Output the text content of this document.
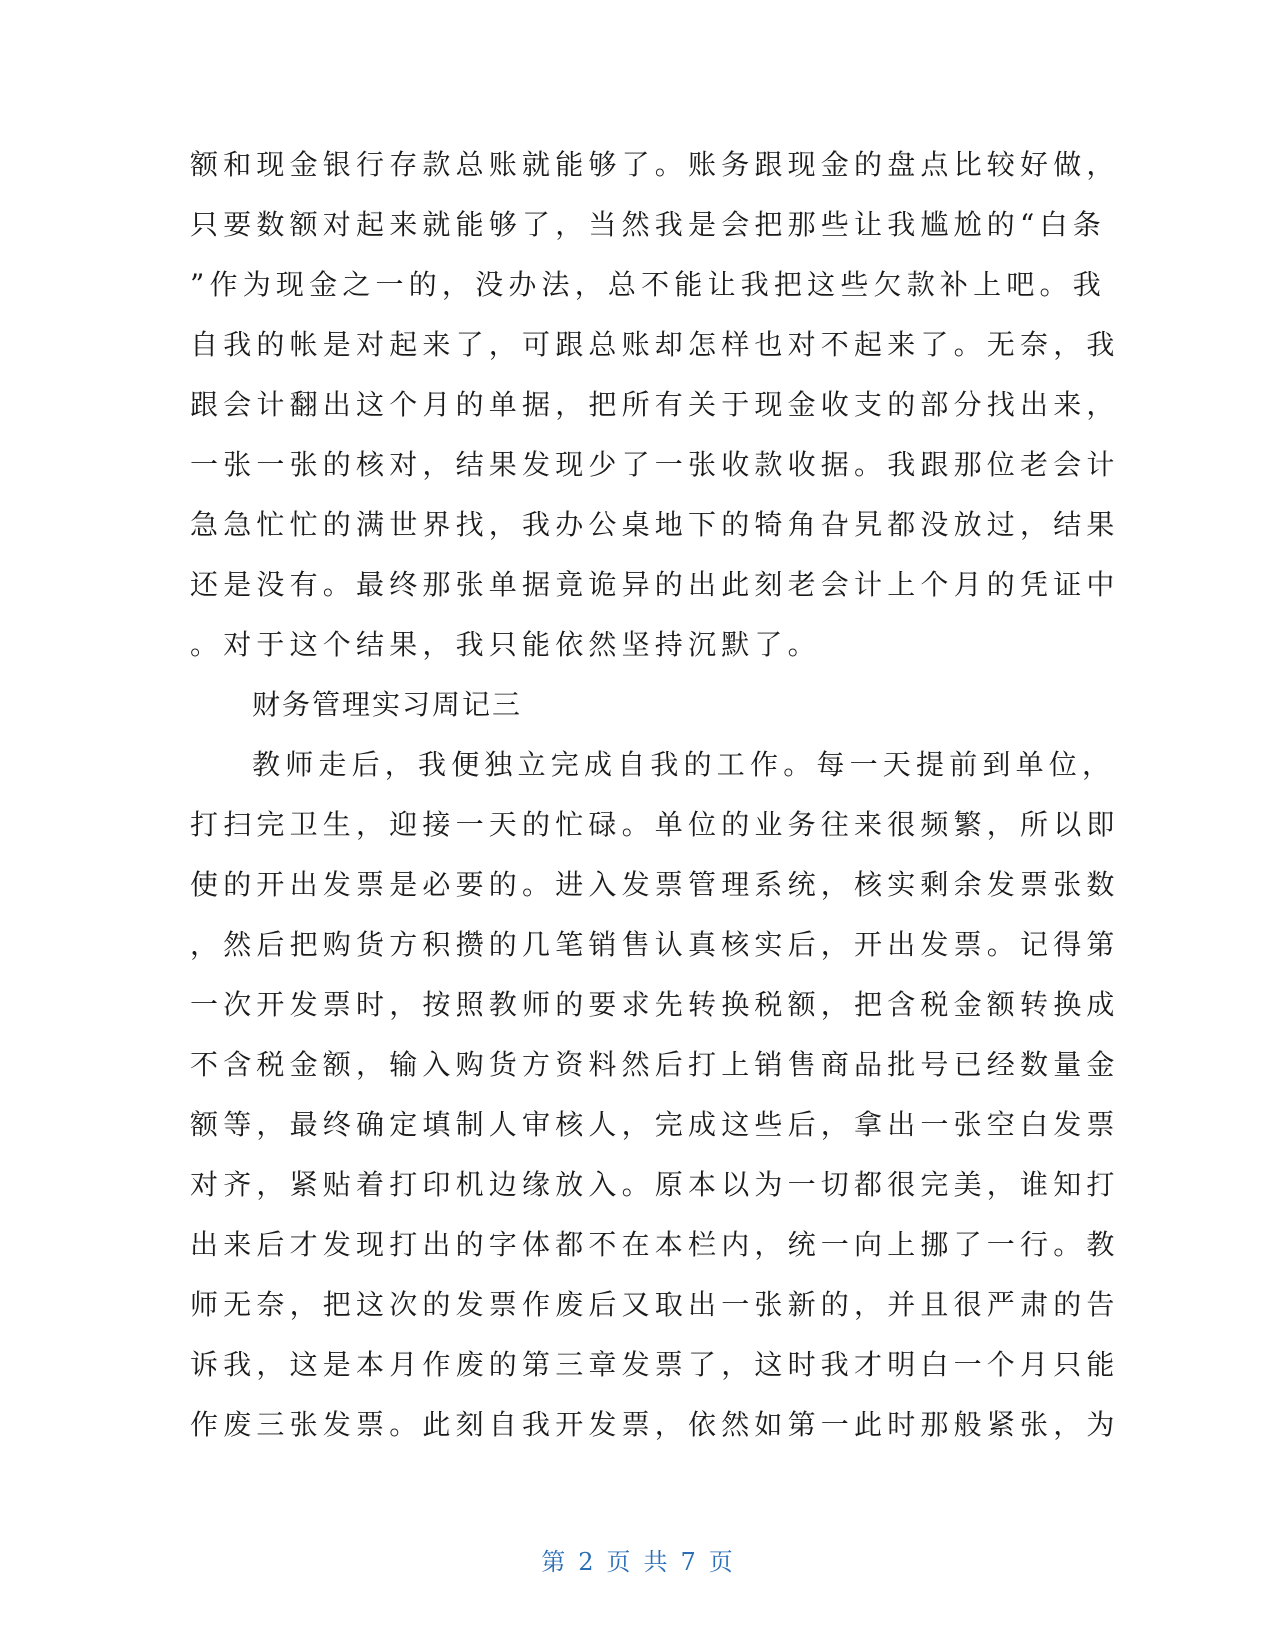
额和现金银行存款总账就能够了。账务跟现金的盘点比较好做，
只要数额对起来就能够了，当然我是会把那些让我尴尬的“白条
”作为现金之一的，没办法，总不能让我把这些欠款补上吧。我
自我的帐是对起来了，可跟总账却怎样也对不起来了。无奈，我
跟会计翻出这个月的单据，把所有关于现金收支的部分找出来，
一张一张的核对，结果发现少了一张收款收据。我跟那位老会计
急急忙忙的满世界找，我办公桌地下的犄角旮旯都没放过，结果
还是没有。最终那张单据竟诡异的出此刻老会计上个月的凭证中
。对于这个结果，我只能依然坚持沉默了。
财务管理实习周记三
教师走后，我便独立完成自我的工作。每一天提前到单位，
打扫完卫生，迎接一天的忙碌。单位的业务往来很频繁，所以即
使的开出发票是必要的。进入发票管理系统，核实剩余发票张数
，然后把购货方积攒的几笔销售认真核实后，开出发票。记得第
一次开发票时，按照教师的要求先转换税额，把含税金额转换成
不含税金额，输入购货方资料然后打上销售商品批号已经数量金
额等，最终确定填制人审核人，完成这些后，拿出一张空白发票
对齐，紧贴着打印机边缘放入。原本以为一切都很完美，谁知打
出来后才发现打出的字体都不在本栏内，统一向上挪了一行。教
师无奈，把这次的发票作废后又取出一张新的，并且很严肃的告
诉我，这是本月作废的第三章发票了，这时我才明白一个月只能
作废三张发票。此刻自我开发票，依然如第一此时那般紧张，为
第 2 页 共 7 页
